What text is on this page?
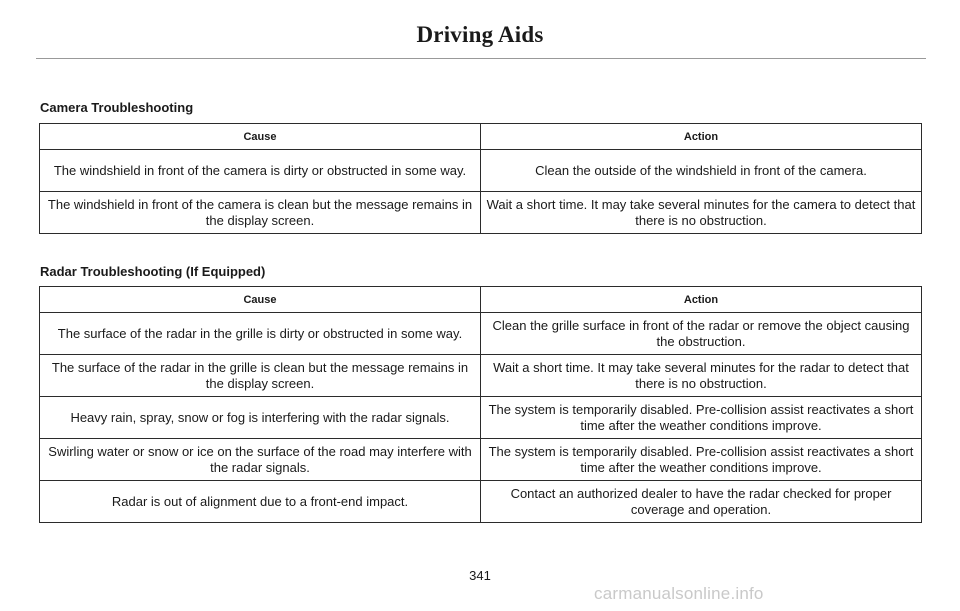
Driving Aids
Camera Troubleshooting
Cause	Action
The windshield in front of the camera is dirty or obstructed in some way.	Clean the outside of the windshield in front of the camera.
The windshield in front of the camera is clean but the message remains in the display screen.	Wait a short time. It may take several minutes for the camera to detect that there is no obstruction.
Radar Troubleshooting (If Equipped)
Cause	Action
The surface of the radar in the grille is dirty or obstructed in some way.	Clean the grille surface in front of the radar or remove the object causing the obstruction.
The surface of the radar in the grille is clean but the message remains in the display screen.	Wait a short time. It may take several minutes for the radar to detect that there is no obstruction.
Heavy rain, spray, snow or fog is interfering with the radar signals.	The system is temporarily disabled. Pre-collision assist reactivates a short time after the weather conditions improve.
Swirling water or snow or ice on the surface of the road may interfere with the radar signals.	The system is temporarily disabled. Pre-collision assist reactivates a short time after the weather conditions improve.
Radar is out of alignment due to a front-end impact.	Contact an authorized dealer to have the radar checked for proper coverage and operation.
341
carmanualsonline.info
